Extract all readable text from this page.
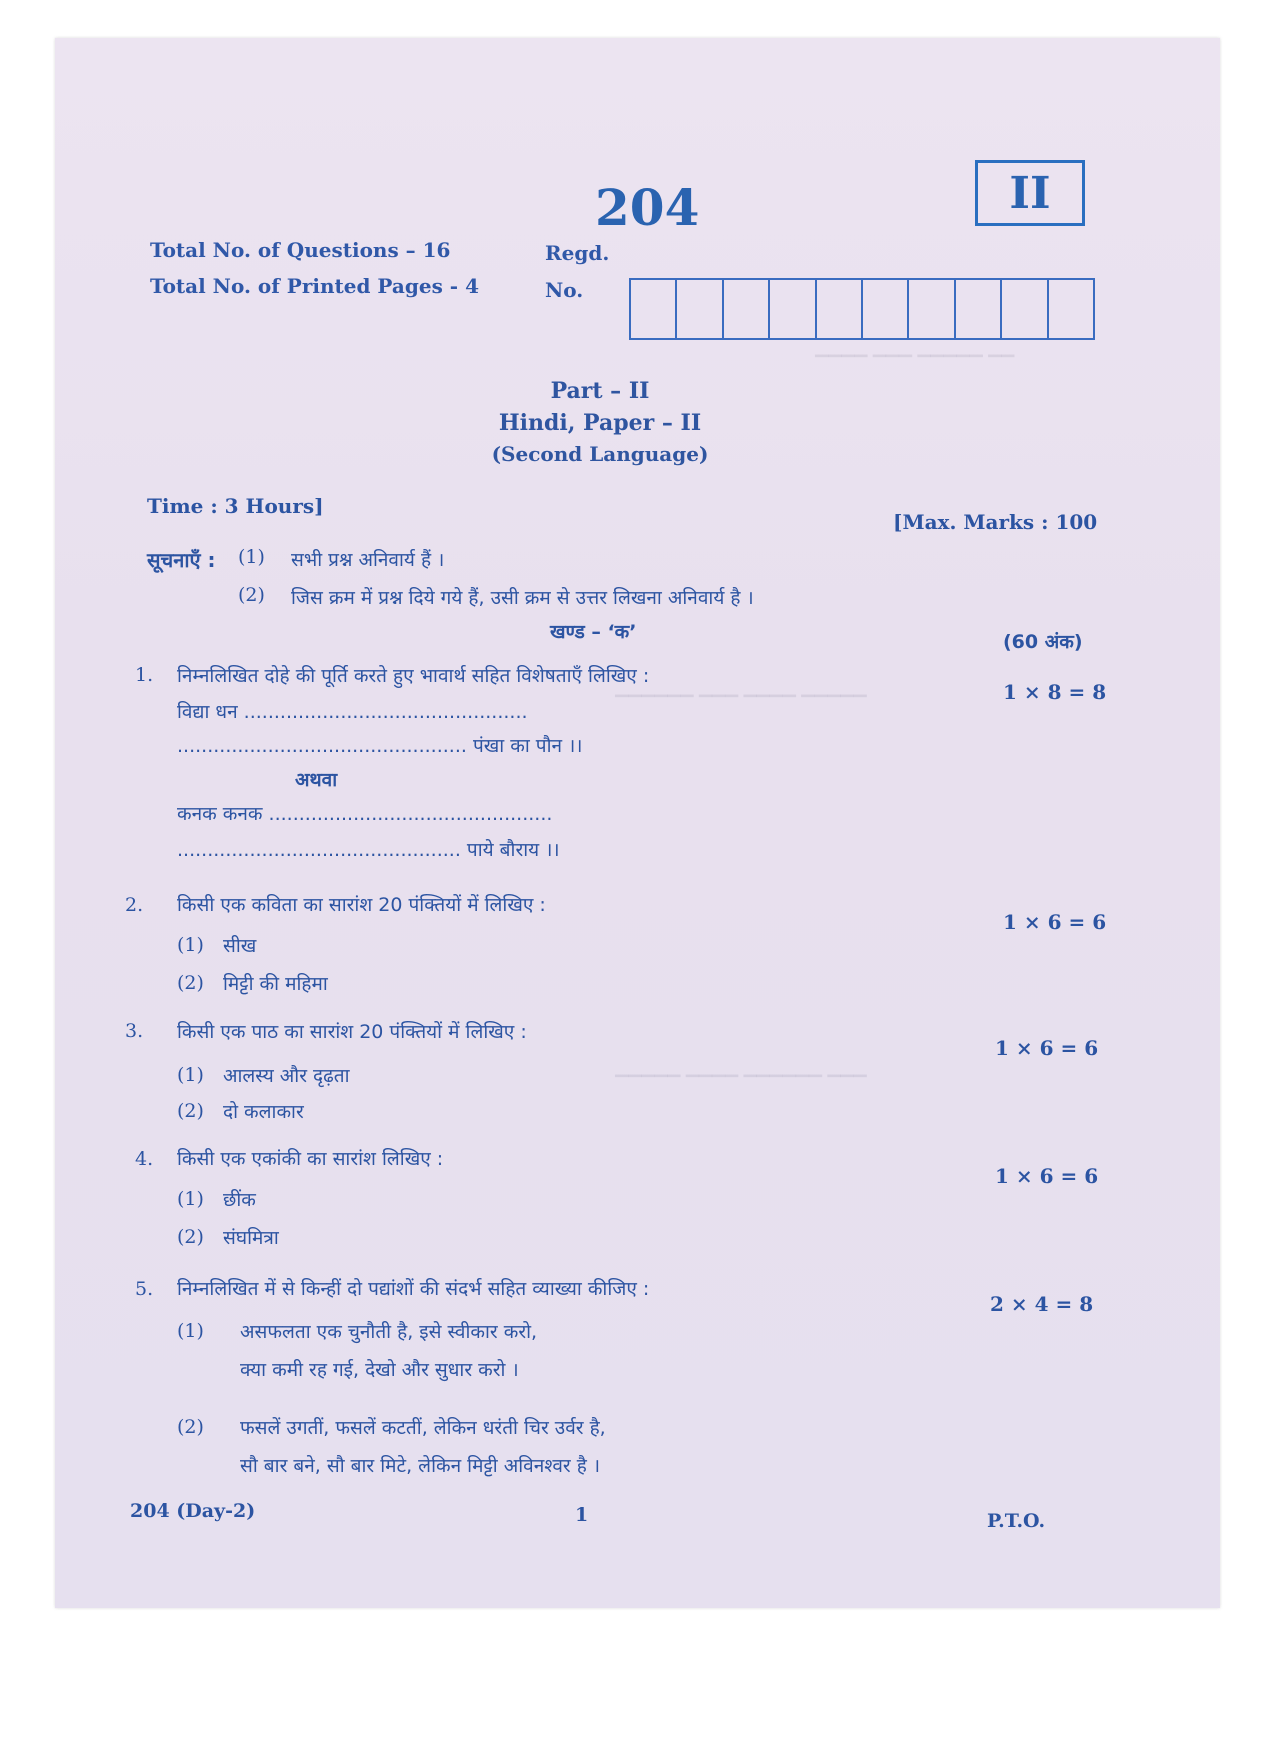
▁▁▁▁ ▁▁▁ ▁▁▁▁▁ ▁▁
▁▁▁▁▁▁ ▁▁▁ ▁▁▁▁ ▁▁▁▁▁
▁▁▁▁▁ ▁▁▁▁ ▁▁▁▁▁▁ ▁▁▁
204	II
Total No. of Questions – 16
Total No. of Printed Pages - 4
Regd.
No.
Part – II
Hindi, Paper – II
(Second Language)
Time : 3 Hours]
[Max. Marks : 100
सूचनाएँ : (1) सभी प्रश्न अनिवार्य हैं ।
(2) जिस क्रम में प्रश्न दिये गये हैं, उसी क्रम से उत्तर लिखना अनिवार्य है ।
खण्ड – ‘क’	(60 अंक)
1. निम्नलिखित दोहे की पूर्ति करते हुए भावार्थ सहित विशेषताएँ लिखिए :
1 × 8 = 8
विद्या धन ...............................................
................................................ पंखा का पौन ।।
अथवा
कनक कनक ...............................................
............................................... पाये बौराय ।।
2. किसी एक कविता का सारांश 20 पंक्तियों में लिखिए :
1 × 6 = 6
(1) सीख
(2) मिट्टी की महिमा
3. किसी एक पाठ का सारांश 20 पंक्तियों में लिखिए :
1 × 6 = 6
(1) आलस्य और दृढ़ता
(2) दो कलाकार
4. किसी एक एकांकी का सारांश लिखिए :
1 × 6 = 6
(1) छींक
(2) संघमित्रा
5. निम्नलिखित में से किन्हीं दो पद्यांशों की संदर्भ सहित व्याख्या कीजिए :
2 × 4 = 8
(1) असफलता एक चुनौती है, इसे स्वीकार करो,
क्या कमी रह गई, देखो और सुधार करो ।
(2) फसलें उगतीं, फसलें कटतीं, लेकिन धरंती चिर उर्वर है,
सौ बार बने, सौ बार मिटे, लेकिन मिट्टी अविनश्वर है ।
204 (Day-2)	1	P.T.O.
